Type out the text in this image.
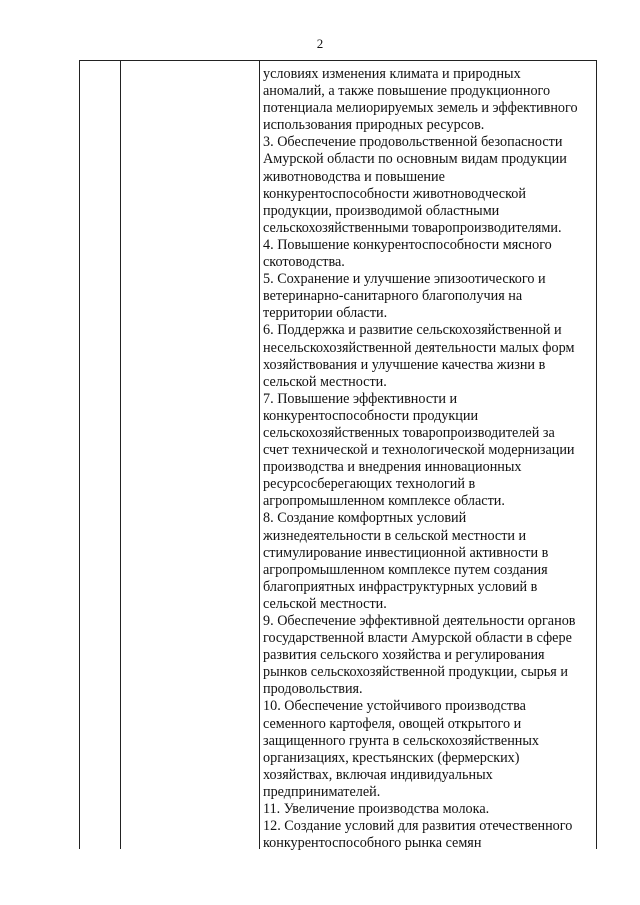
2
условиях изменения климата и природных
аномалий, а также повышение продукционного
потенциала мелиорируемых земель и эффективного
использования природных ресурсов.
3. Обеспечение продовольственной безопасности
Амурской области по основным видам продукции
животноводства и повышение
конкурентоспособности животноводческой
продукции, производимой областными
сельскохозяйственными товаропроизводителями.
4. Повышение конкурентоспособности мясного
скотоводства.
5. Сохранение и улучшение эпизоотического и
ветеринарно-санитарного благополучия на
территории области.
6. Поддержка и развитие сельскохозяйственной и
несельскохозяйственной деятельности малых форм
хозяйствования и улучшение качества жизни в
сельской местности.
7. Повышение эффективности и
конкурентоспособности продукции
сельскохозяйственных товаропроизводителей за
счет технической и технологической модернизации
производства и внедрения инновационных
ресурсосберегающих технологий в
агропромышленном комплексе области.
8. Создание комфортных условий
жизнедеятельности в сельской местности и
стимулирование инвестиционной активности в
агропромышленном комплексе путем создания
благоприятных инфраструктурных условий в
сельской местности.
9. Обеспечение эффективной деятельности органов
государственной власти Амурской области в сфере
развития сельского хозяйства и регулирования
рынков сельскохозяйственной продукции, сырья и
продовольствия.
10. Обеспечение устойчивого производства
семенного картофеля, овощей открытого и
защищенного грунта в сельскохозяйственных
организациях, крестьянских (фермерских)
хозяйствах, включая индивидуальных
предпринимателей.
11. Увеличение производства молока.
12. Создание условий для развития отечественного
конкурентоспособного рынка семян
